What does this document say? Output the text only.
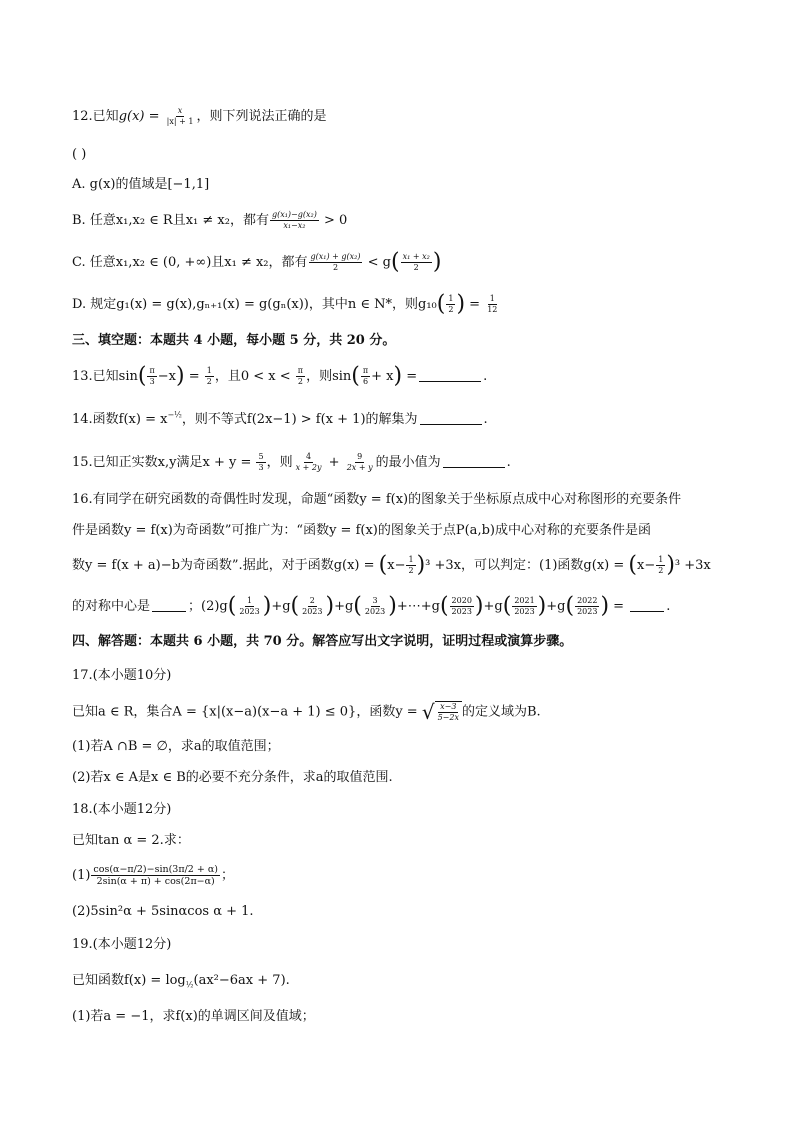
12.已知$g(x) = \frac{x}{|x| + 1}$ ，则下列说法正确的是
( )
A. g(x)的值域是[−1,1]
B. 任意x₁,x₂ ∈ R且x₁ ≠ x₂，都有 $\frac{\text{g(x₁)−g(x₂)}}{\text{x₁−x₂}} > 0$
C. 任意x₁,x₂ ∈ (0, +∞)且x₁ ≠ x₂，都有 $\frac{\text{g(x₁) + g(x₂)}}{2} < g( \frac{\text{x₁ + x₂}}{2}$ )
D. 规定g₁(x) = g(x),gₙ₊₁(x) = g(gₙ(x))，其中n ∈ N*，则$g_{10}( \frac{1}{2}$ ) = $\frac{1}{12}$
三、填空题：本题共 4 小题，每小题 5 分，共 20 分。
13.已知$\sin( \frac{\pi}{3} -x) = \frac{1}{2}$ ，且$0 < x < \frac{\pi}{2}$ ，则$\sin( \frac{\pi}{6} + x)$ =	.
14.函数$f(x) = x^{-\frac{1}{2}}$，则不等式f(2x−1) > f(x + 1)的解集为	.
15.已知正实数x,y满足$x + y = \frac{5}{3}$ ，则 $\frac{4}{x + 2y} + \frac{9}{2x + y}$ 的最小值为	.
16.有同学在研究函数的奇偶性时发现，命题“函数y = f(x)的图象关于坐标原点成中心对称图形的充要条件
件是函数y = f(x)为奇函数”可推广为：“函数y = f(x)的图象关于点P(a,b)成中心对称的充要条件是函
数y = f(x + a)−b为奇函数”.据此，对于函数$g(x) = (x- \frac{1}{2} )^3 +3x$，可以判定：(1)函数$g(x) = (x- \frac{1}{2} )^3 +3x$
的对称中心是	；$(2)g( \frac{1}{2023} )+g( \frac{2}{2023} )+g( \frac{3}{2023}$ )+⋯+g( $\frac{2020}{2023} )+g( \frac{2021}{2023} )+g( \frac{2022}{2023}$ ) =	.
四、解答题：本题共 6 小题，共 70 分。解答应写出文字说明，证明过程或演算步骤。
17.(本小题10分)
已知a ∈ R，集合A = {x|(x−a)(x−a + 1) ≤ 0}，函数y = √ $\frac{x-3}{5-2x}$ 的定义域为B.
(1)若A ∩B = ∅，求a的取值范围；
(2)若x ∈ A是x ∈ B的必要不充分条件，求a的取值范围.
18.(本小题12分)
已知tan α = 2.求：
$(1) \frac{\cos(\alpha-\pi/2)-\sin(3\pi/2 + \alpha)}{2\sin(\alpha + \pi) + \cos(2\pi-\alpha)}$ ；
(2)5sin²α + 5sinαcos α + 1.
19.(本小题12分)
已知函数$f(x) = \log_{\frac{1}{2}}(ax^2-6ax + 7)$.
(1)若a = −1，求f(x)的单调区间及值域；
